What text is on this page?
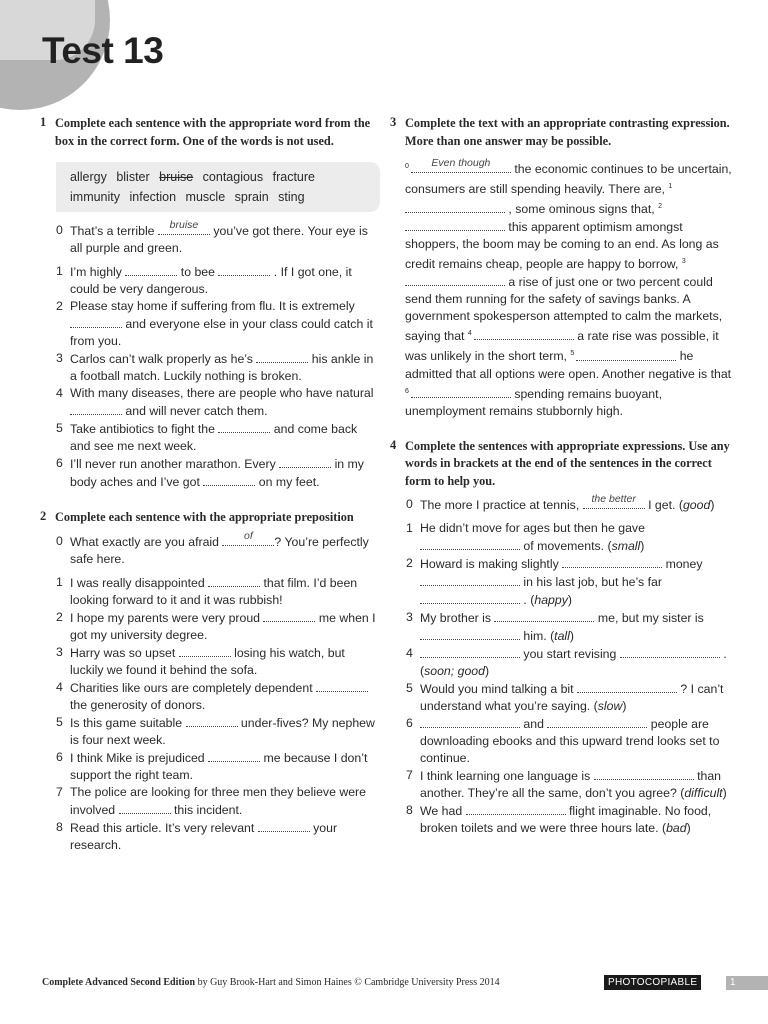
Test 13
1 Complete each sentence with the appropriate word from the box in the correct form. One of the words is not used.
allergy blister bruise contagious fracture
immunity infection muscle sprain sting
0 That’s a terrible	bruise you’ve got there. Your eye is all purple and green.

1 I’m highly	to bee	. If I got one, it could be very dangerous.

2 Please stay home if suffering from flu. It is extremely  and everyone else in your class could catch it from you.

3 Carlos can’t walk properly as he’s	his ankle in a football match. Luckily nothing is broken.

4 With many diseases, there are people who have natural  and will never catch them.

5 Take antibiotics to fight the	and come back and see me next week.

6 I’ll never run another marathon. Every	in my body aches and I’ve got	on my feet.

2 Complete each sentence with the appropriate preposition
0 What exactly are you afraid	of	? You’re perfectly safe here.

1 I was really disappointed	that film. I’d been looking forward to it and it was rubbish!

2 I hope my parents were very proud	me when I got my university degree.

3 Harry was so upset	losing his watch, but luckily we found it behind the sofa.

4 Charities like ours are completely dependent  the generosity of donors.

5 Is this game suitable	under-fives? My nephew is four next week.

6 I think Mike is prejudiced	me because I don’t support the right team.

7 The police are looking for three men they believe were involved	this incident.

8 Read this article. It’s very relevant	your research.

3 Complete the text with an appropriate contrasting expression. More than one answer may be possible.
$^0$	Even though	the economic continues to be uncertain, consumers are still spending heavily. There are, $^1$ , some ominous signs that, $^2$ this apparent optimism amongst shoppers, the boom may be coming to an end. As long as credit remains cheap, people are happy to borrow, $^3$ a rise of just one or two percent could send them running for the safety of savings banks. A government spokesperson attempted to calm the markets, saying that $^4$	a rate rise was possible, it was unlikely in the short term, $^5$	he admitted that all options were open. Another negative is that $^6$	spending remains buoyant, unemployment remains stubbornly high.
4 Complete the sentences with appropriate expressions. Use any words in brackets at the end of the sentences in the correct form to help you.
0 The more I practice at tennis, the better I get. (good)

1 He didn’t move for ages but then he gave  of movements. (small)

2 Howard is making slightly	money  in his last job, but he’s far  . (happy)

3 My brother is	me, but my sister is  him. (tall)

4	you start revising	. (soon; good)

5 Would you mind talking a bit	? I can’t understand what you’re saying. (slow)

6	and	people are downloading ebooks and this upward trend looks set to continue.

7 I think learning one language is	than another. They’re all the same, don’t you agree? (difficult)

8 We had	flight imaginable. No food, broken toilets and we were three hours late. (bad)

Complete Advanced Second Edition by Guy Brook-Hart and Simon Haines © Cambridge University Press 2014	PHOTOCOPIABLE	1
